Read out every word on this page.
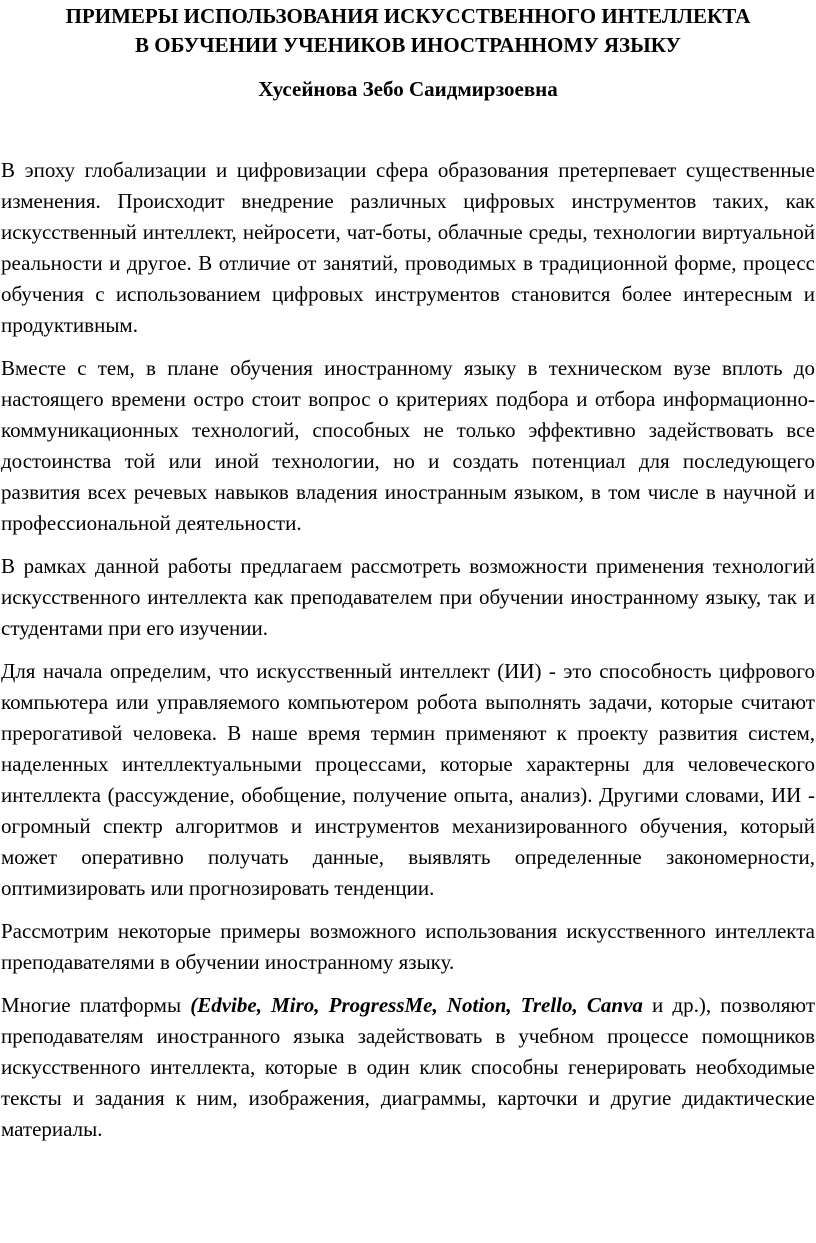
ПРИМЕРЫ ИСПОЛЬЗОВАНИЯ ИСКУССТВЕННОГО ИНТЕЛЛЕКТА
В ОБУЧЕНИИ УЧЕНИКОВ ИНОСТРАННОМУ ЯЗЫКУ

Хусейнова Зебо Саидмирзоевна

В эпоху глобализации и цифровизации сфера образования претерпевает существенные изменения. Происходит внедрение различных цифровых инструментов таких, как искусственный интеллект, нейросети, чат-боты, облачные среды, технологии виртуальной реальности и другое. В отличие от занятий, проводимых в традиционной форме, процесс обучения с использованием цифровых инструментов становится более интересным и продуктивным.

Вместе с тем, в плане обучения иностранному языку в техническом вузе вплоть до настоящего времени остро стоит вопрос о критериях подбора и отбора информационно-коммуникационных технологий, способных не только эффективно задействовать все достоинства той или иной технологии, но и создать потенциал для последующего развития всех речевых навыков владения иностранным языком, в том числе в научной и профессиональной деятельности.

В рамках данной работы предлагаем рассмотреть возможности применения технологий искусственного интеллекта как преподавателем при обучении иностранному языку, так и студентами при его изучении.

Для начала определим, что искусственный интеллект (ИИ) - это способность цифрового компьютера или управляемого компьютером робота выполнять задачи, которые считают прерогативой человека. В наше время термин применяют к проекту развития систем, наделенных интеллектуальными процессами, которые характерны для человеческого интеллекта (рассуждение, обобщение, получение опыта, анализ). Другими словами, ИИ - огромный спектр алгоритмов и инструментов механизированного обучения, который может оперативно получать данные, выявлять определенные закономерности, оптимизировать или прогнозировать тенденции.

Рассмотрим некоторые примеры возможного использования искусственного интеллекта преподавателями в обучении иностранному языку.

Многие платформы (Edvibe, Miro, ProgressMe, Notion, Trello, Canva и др.), позволяют преподавателям иностранного языка задействовать в учебном процессе помощников искусственного интеллекта, которые в один клик способны генерировать необходимые тексты и задания к ним, изображения, диаграммы, карточки и другие дидактические материалы.
